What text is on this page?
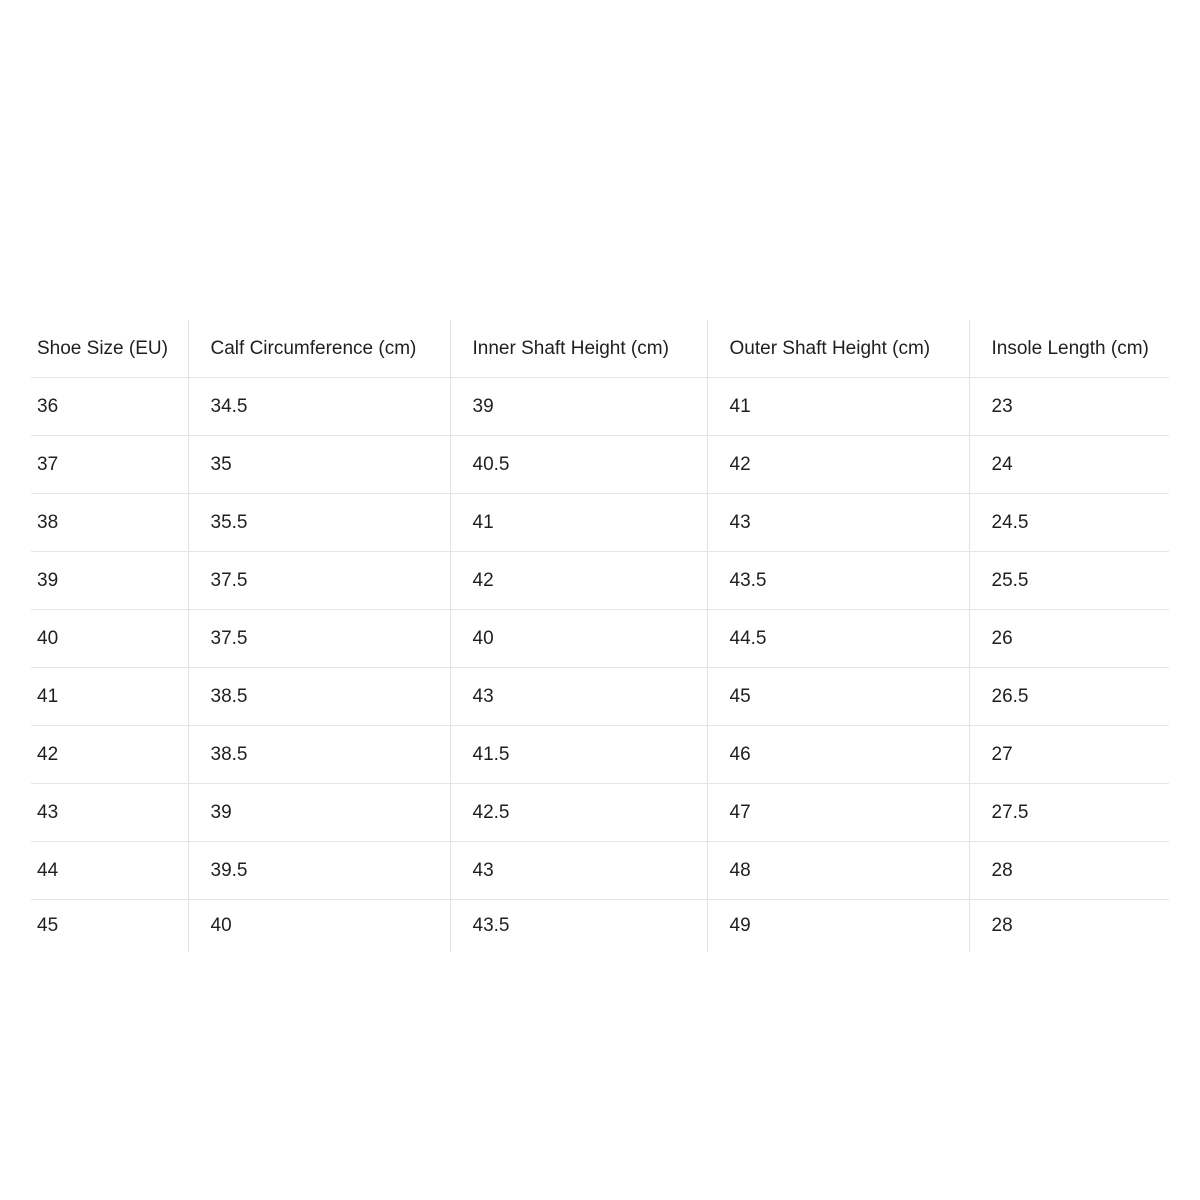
Shoe Size (EU)	Calf Circumference (cm)	Inner Shaft Height (cm)	Outer Shaft Height (cm)	Insole Length (cm)
36	34.5	39	41	23
37	35	40.5	42	24
38	35.5	41	43	24.5
39	37.5	42	43.5	25.5
40	37.5	40	44.5	26
41	38.5	43	45	26.5
42	38.5	41.5	46	27
43	39	42.5	47	27.5
44	39.5	43	48	28
45	40	43.5	49	28
